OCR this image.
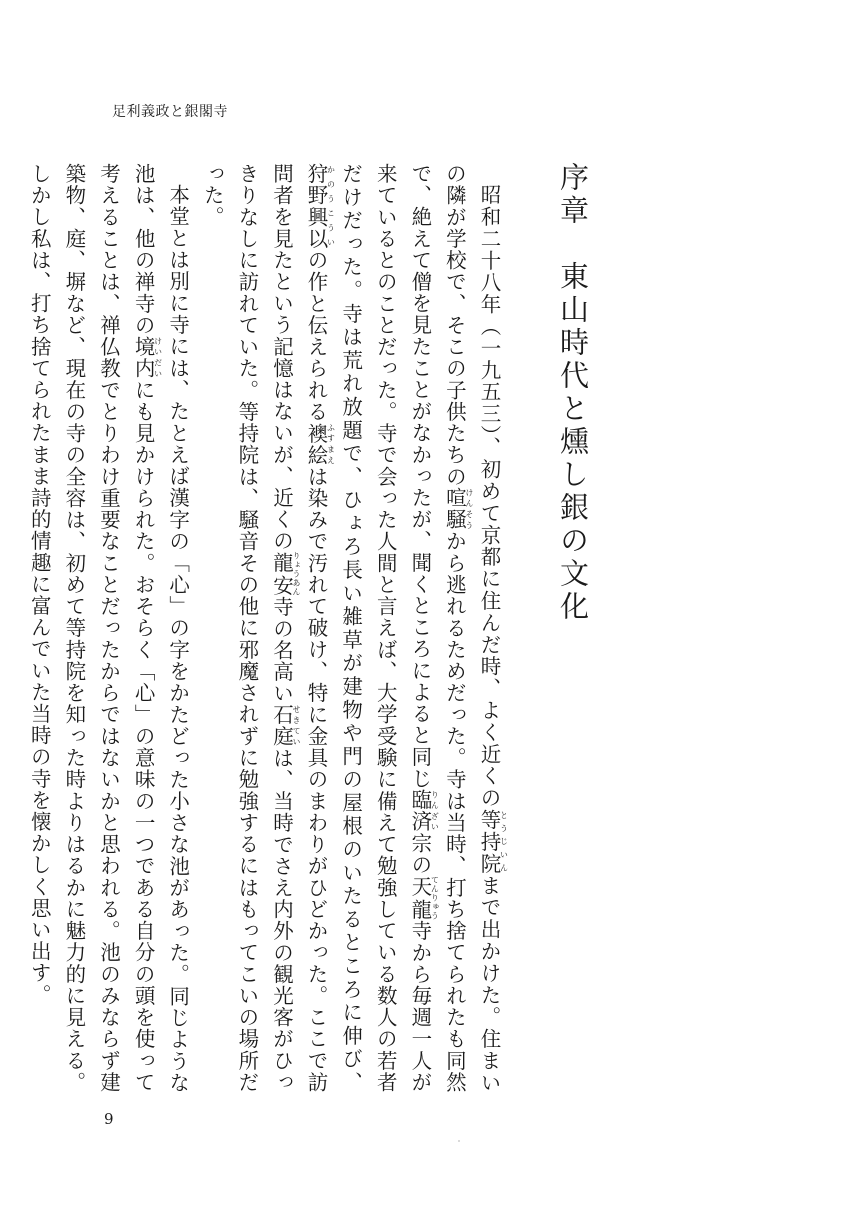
足利義政と銀閣寺
序章　東山時代と燻し銀の文化

昭和二十八年（一九五三）、初めて京都に住んだ時、よく近くの等持院とうじいんまで出かけた。住まいの隣が学校で、そこの子供たちの喧騒けんそうから逃れるためだった。寺は当時、打ち捨てられたも同然で、絶えて僧を見たことがなかったが、聞くところによると同じ臨済りんざい宗の天龍てんりゅう寺から毎週一人が来ているとのことだった。寺で会った人間と言えば、大学受験に備えて勉強している数人の若者だけだった。寺は荒れ放題で、ひょろ長い雑草が建物や門の屋根のいたるところに伸び、狩野興以かのうこういの作と伝えられる襖絵ふすまえは染みで汚れて破け、特に金具のまわりがひどかった。ここで訪問者を見たという記憶はないが、近くの龍安りょうあん寺の名高い石庭せきていは、当時でさえ内外の観光客がひっきりなしに訪れていた。等持院は、騒音その他に邪魔されずに勉強するにはもってこいの場所だった。

本堂とは別に寺には、たとえば漢字の「心」の字をかたどった小さな池があった。同じような池は、他の禅寺の境内けいだいにも見かけられた。おそらく「心」の意味の一つである自分の頭を使って考えることは、禅仏教でとりわけ重要なことだったからではないかと思われる。池のみならず建築物、庭、塀など、現在の寺の全容は、初めて等持院を知った時よりはるかに魅力的に見える。しかし私は、打ち捨てられたまま詩的情趣に富んでいた当時の寺を懐かしく思い出す。

9
